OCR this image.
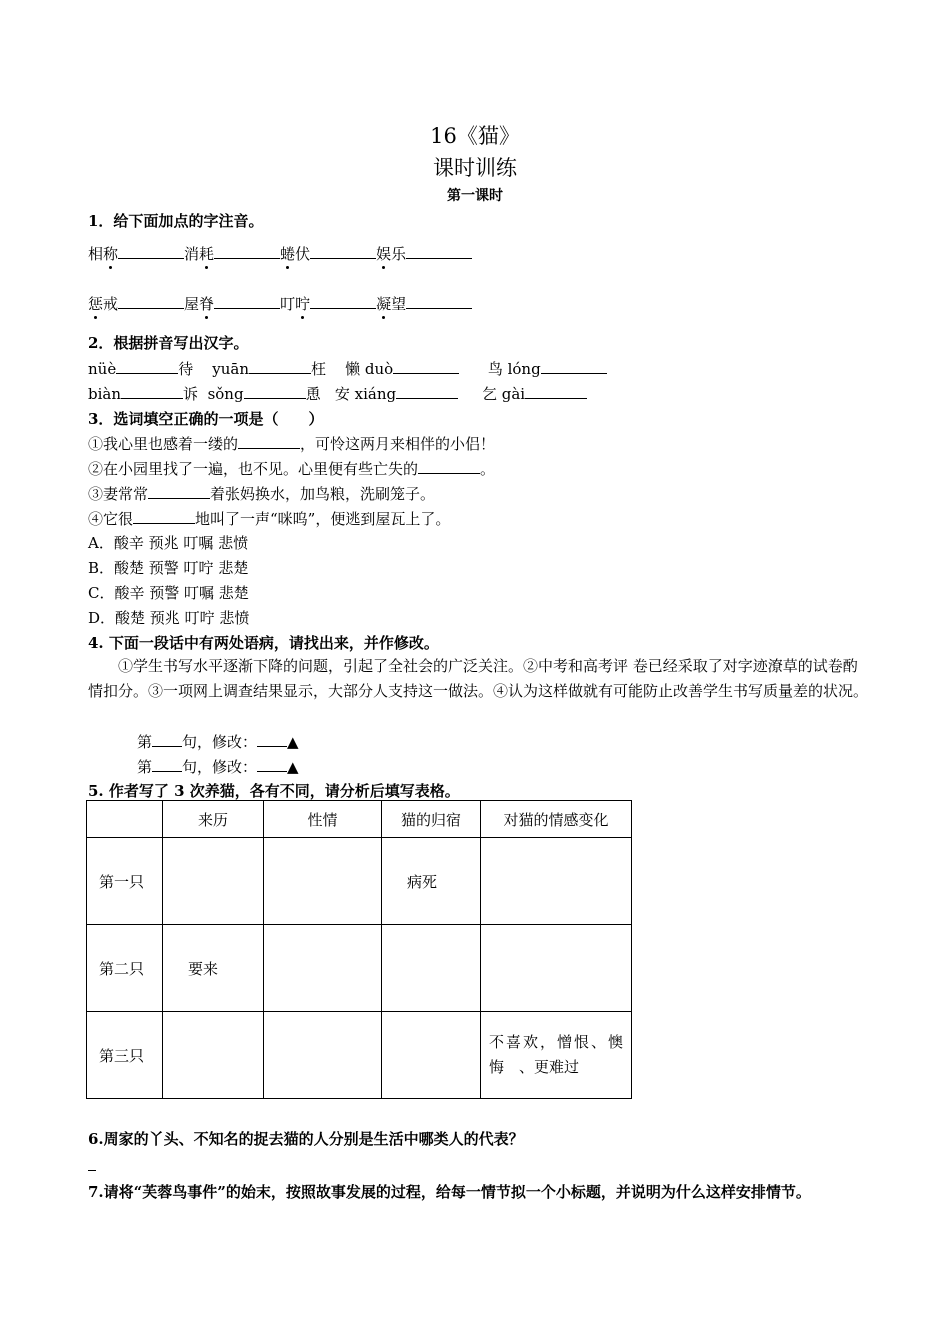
16《猫》
课时训练
第一课时
1．给下面加点的字注音。
相称	消耗	蜷伏	娱乐
惩戒	屋脊	叮咛	凝望
2．根据拼音写出汉字。
nüè	待 yuān	枉 懒 duò	鸟 lóng
biàn	诉 sǒng	恿 安 xiáng	乞 gài
3．选词填空正确的一项是（　　）
①我心里也感着一缕的	，可怜这两月来相伴的小侣！
②在小园里找了一遍，也不见。心里便有些亡失的	。
③妻常常	着张妈换水，加鸟粮，洗刷笼子。
④它很	地叫了一声“咪呜”，便逃到屋瓦上了。
A．酸辛 预兆 叮嘱 悲愤
B．酸楚 预警 叮咛 悲楚
C．酸辛 预警 叮嘱 悲楚
D．酸楚 预兆 叮咛 悲愤
4. 下面一段话中有两处语病，请找出来，并作修改。
①学生书写水平逐渐下降的问题，引起了全社会的广泛关注。②中考和高考评 卷已经采取了对字迹潦草的试卷酌情扣分。③一项网上调查结果显示，大部分人支持这一做法。④认为这样做就有可能防止改善学生书写质量差的状况。
第 句，修改： ▲
第 句，修改： ▲
5. 作者写了 3 次养猫，各有不同，请分析后填写表格。
	来历	性情	猫的归宿	对猫的情感变化
第一只			病死	
第二只	要来			
第三只				不喜欢，憎恨、懊悔　、更难过
6.周家的丫头、不知名的捉去猫的人分别是生活中哪类人的代表？
7.请将“芙蓉鸟事件”的始末，按照故事发展的过程，给每一情节拟一个小标题，并说明为什么这样安排情节。
